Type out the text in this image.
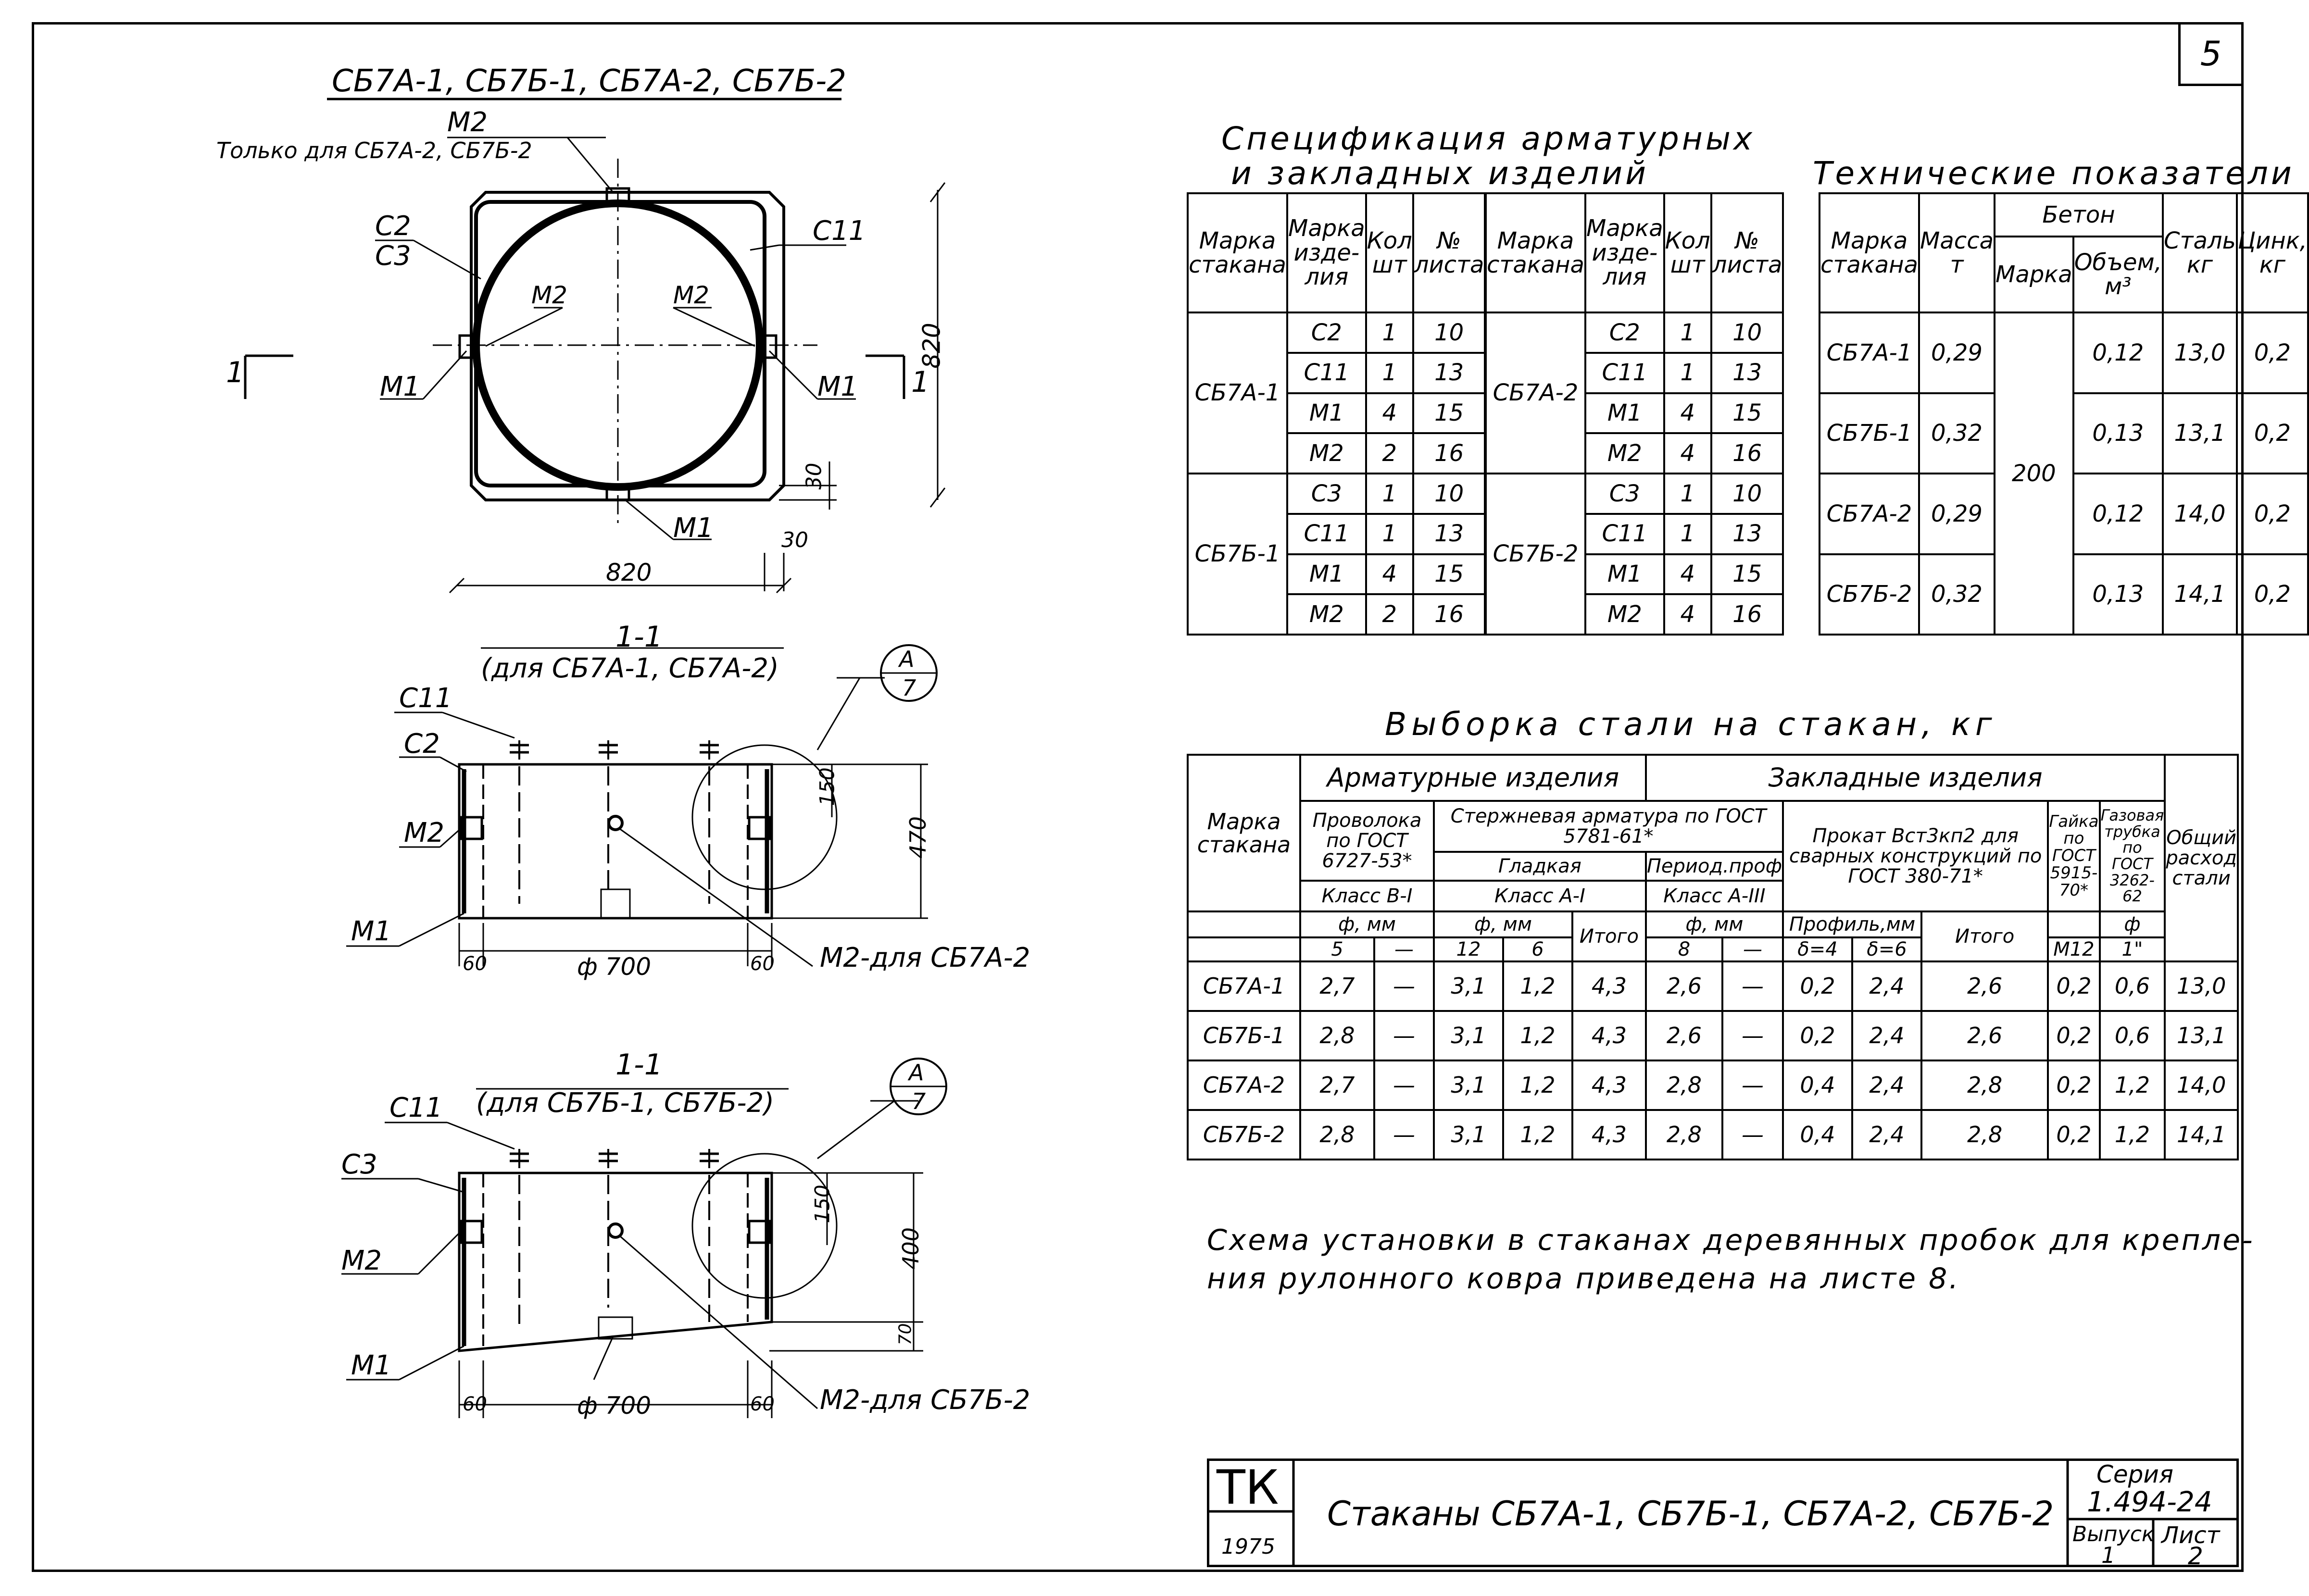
5
СБ7А-1, СБ7Б-1, СБ7А-2, СБ7Б-2
М2
Только для СБ7А-2, СБ7Б-2
С2
С3
С11
М2	М2
М1	М1
М1
1	1
820
820
30
30
1-1
(для СБ7А-1, СБ7А-2)
С11
С2
М2
М1
150
470
60	ф 700	60 М2-для СБ7А-2
А
7
1-1
(для СБ7Б-1, СБ7Б-2)
С11
С3
М2
М1
150
400
70
60	ф 700	60 М2-для СБ7Б-2
А
7
Спецификация арматурных
и закладных изделий
Марка стакана	Марка изде-лия	Кол шт	№ листа
СБ7А-1	С2	1	10
	С11	1	13
	М1	4	15
	М2	2	16
СБ7Б-1	С3	1	10
	С11	1	13
	М1	4	15
	М2	2	16
Марка стакана	Марка изде-лия	Кол шт	№ листа
СБ7А-2	С2	1	10
	С11	1	13
	М1	4	15
	М2	4	16
СБ7Б-2	С3	1	10
	С11	1	13
	М1	4	15
	М2	4	16
Технические показатели
Марка стакана	Масса т	Бетон		Сталь кг	Цинк, кг
		Марка	Объем, м³		
СБ7А-1	0,29	200	0,12	13,0	0,2
СБ7Б-1	0,32		0,13	13,1	0,2
СБ7А-2	0,29		0,12	14,0	0,2
СБ7Б-2	0,32		0,13	14,1	0,2
Выборка стали на стакан, кг
Марка стакана	Арматурные изделия					Закладные изделия							Общий расход стали
	Проволока по ГОСТ 6727-53*		Стержневая арматура по ГОСТ 5781-61*					Прокат Вст3кп2 для сварных конструкций по ГОСТ 380-71*			Гайка по ГОСТ 5915-70*	Газовая трубка по ГОСТ 3262-62	
			Гладкая			Период.проф							
	Класс В-I		Класс А-I			Класс А-III							
	ф, мм		ф, мм		Итого	ф, мм		Профиль,мм		Итого		ф	
	5	—	12	6		8	—	δ=4	δ=6		М12	1"	
СБ7А-1	2,7	—	3,1	1,2	4,3	2,6	—	0,2	2,4	2,6	0,2	0,6	13,0
СБ7Б-1	2,8	—	3,1	1,2	4,3	2,6	—	0,2	2,4	2,6	0,2	0,6	13,1
СБ7А-2	2,7	—	3,1	1,2	4,3	2,8	—	0,4	2,4	2,8	0,2	1,2	14,0
СБ7Б-2	2,8	—	3,1	1,2	4,3	2,8	—	0,4	2,4	2,8	0,2	1,2	14,1
Схема установки в стаканах деревянных пробок для крепле-
ния рулонного ковра приведена на листе 8.
ТК
1975
Стаканы СБ7А-1, СБ7Б-1, СБ7А-2, СБ7Б-2
Серия
1.494-24
Выпуск
1
Лист
2
